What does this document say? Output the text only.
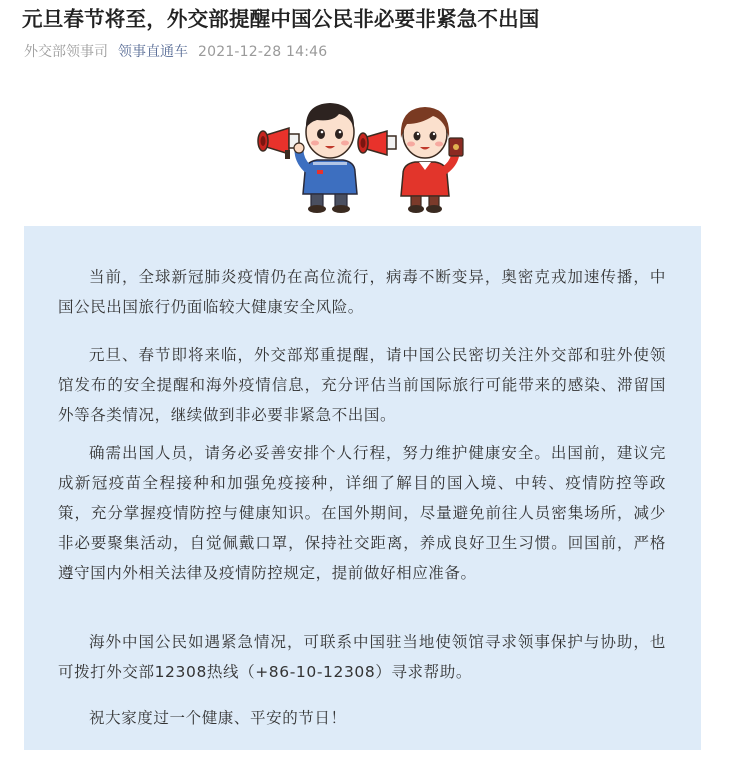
元旦春节将至，外交部提醒中国公民非必要非紧急不出国
外交部领事司 领事直通车 2021-12-28 14:46

当前，全球新冠肺炎疫情仍在高位流行，病毒不断变异，奥密克戎加速传播，中国公民出国旅行仍面临较大健康安全风险。

元旦、春节即将来临，外交部郑重提醒，请中国公民密切关注外交部和驻外使领馆发布的安全提醒和海外疫情信息，充分评估当前国际旅行可能带来的感染、滞留国外等各类情况，继续做到非必要非紧急不出国。

确需出国人员，请务必妥善安排个人行程，努力维护健康安全。出国前，建议完成新冠疫苗全程接种和加强免疫接种，详细了解目的国入境、中转、疫情防控等政策，充分掌握疫情防控与健康知识。在国外期间，尽量避免前往人员密集场所，减少非必要聚集活动，自觉佩戴口罩，保持社交距离，养成良好卫生习惯。回国前，严格遵守国内外相关法律及疫情防控规定，提前做好相应准备。

海外中国公民如遇紧急情况，可联系中国驻当地使领馆寻求领事保护与协助，也可拨打外交部12308热线（+86-10-12308）寻求帮助。

祝大家度过一个健康、平安的节日！
